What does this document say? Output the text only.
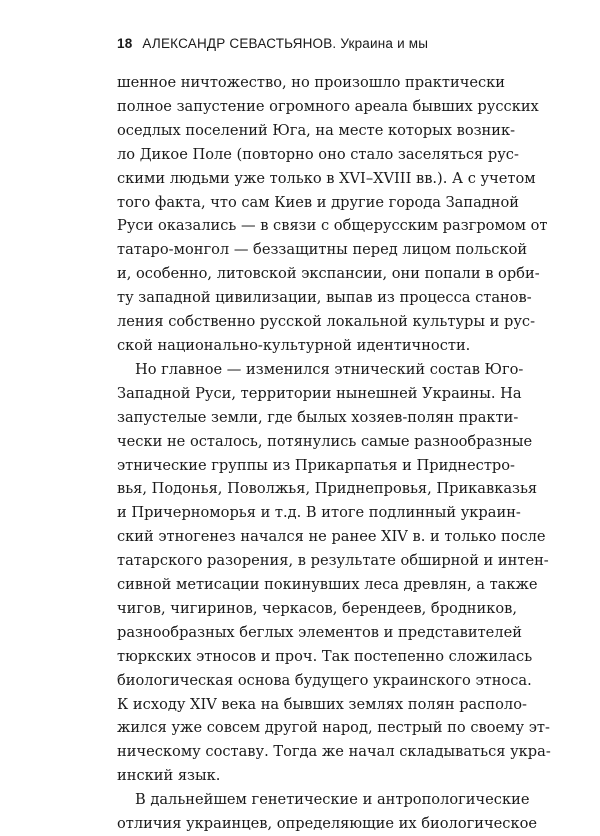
18 АЛЕКСАНДР СЕВАСТЬЯНОВ. Украина и мы
шенное ничтожество, но произошло практически
полное запустение огромного ареала бывших русских
оседлых поселений Юга, на месте которых возник-
ло Дикое Поле (повторно оно стало заселяться рус-
скими людьми уже только в XVI–XVIII вв.). А с учетом
того факта, что сам Киев и другие города Западной
Руси оказались — в связи с общерусским разгромом от
татаро-монгол — беззащитны перед лицом польской
и, особенно, литовской экспансии, они попали в орби-
ту западной цивилизации, выпав из процесса станов-
ления собственно русской локальной культуры и рус-
ской национально-культурной идентичности.
Но главное — изменился этнический состав Юго-
Западной Руси, территории нынешней Украины. На
запустелые земли, где былых хозяев-полян практи-
чески не осталось, потянулись самые разнообразные
этнические группы из Прикарпатья и Приднестро-
вья, Подонья, Поволжья, Приднепровья, Прикавказья
и Причерноморья и т.д. В итоге подлинный украин-
ский этногенез начался не ранее XIV в. и только после
татарского разорения, в результате обширной и интен-
сивной метисации покинувших леса древлян, а также
чигов, чигиринов, черкасов, берендеев, бродников,
разнообразных беглых элементов и представителей
тюркских этносов и проч. Так постепенно сложилась
биологическая основа будущего украинского этноса.
К исходу XIV века на бывших землях полян располо-
жился уже совсем другой народ, пестрый по своему эт-
ническому составу. Тогда же начал складываться укра-
инский язык.
В дальнейшем генетические и антропологические
отличия украинцев, определяющие их биологическое
